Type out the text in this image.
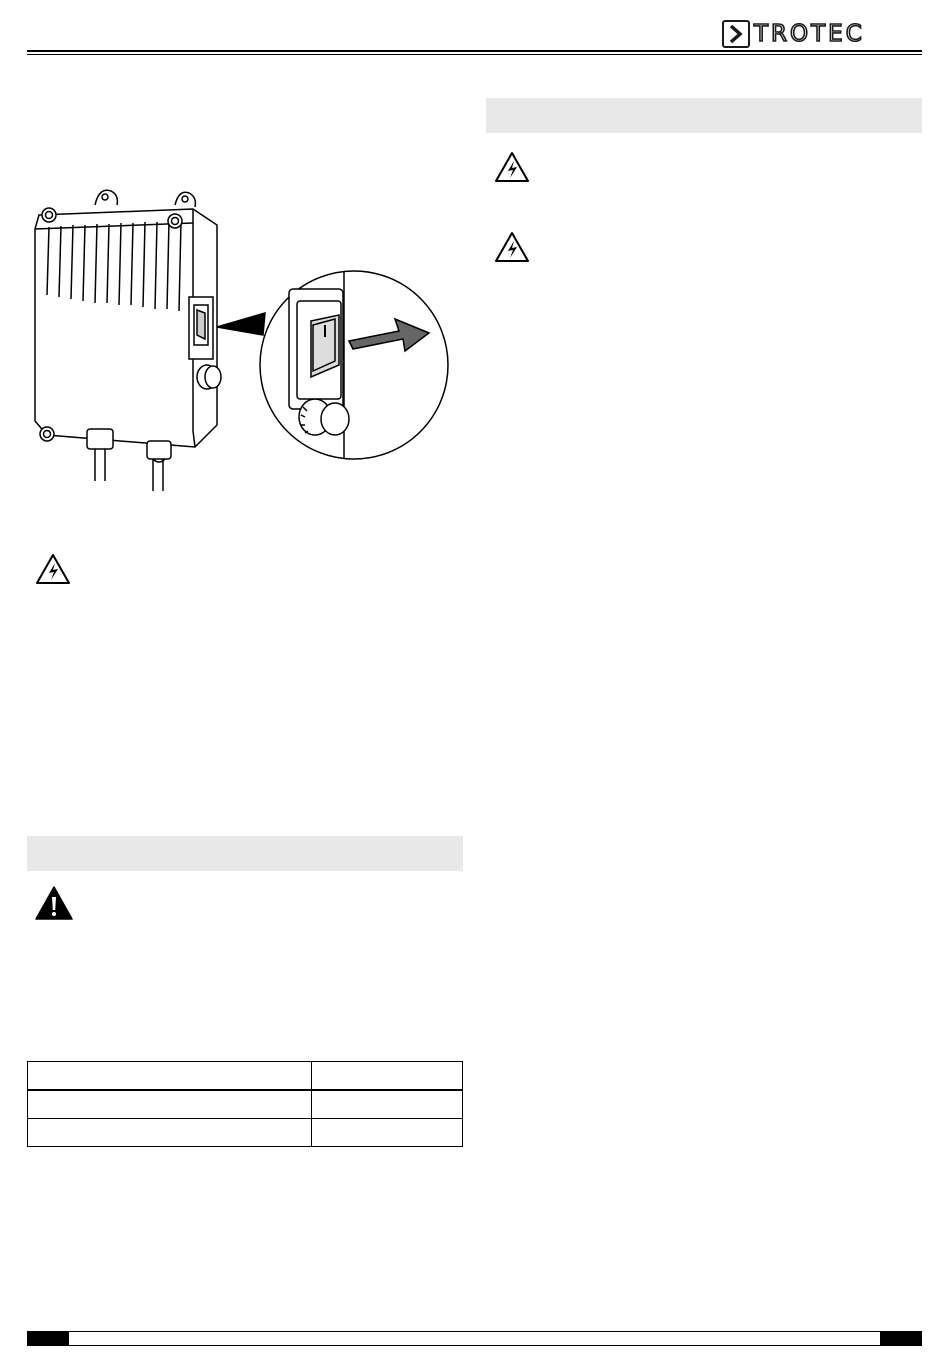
TROTEC
